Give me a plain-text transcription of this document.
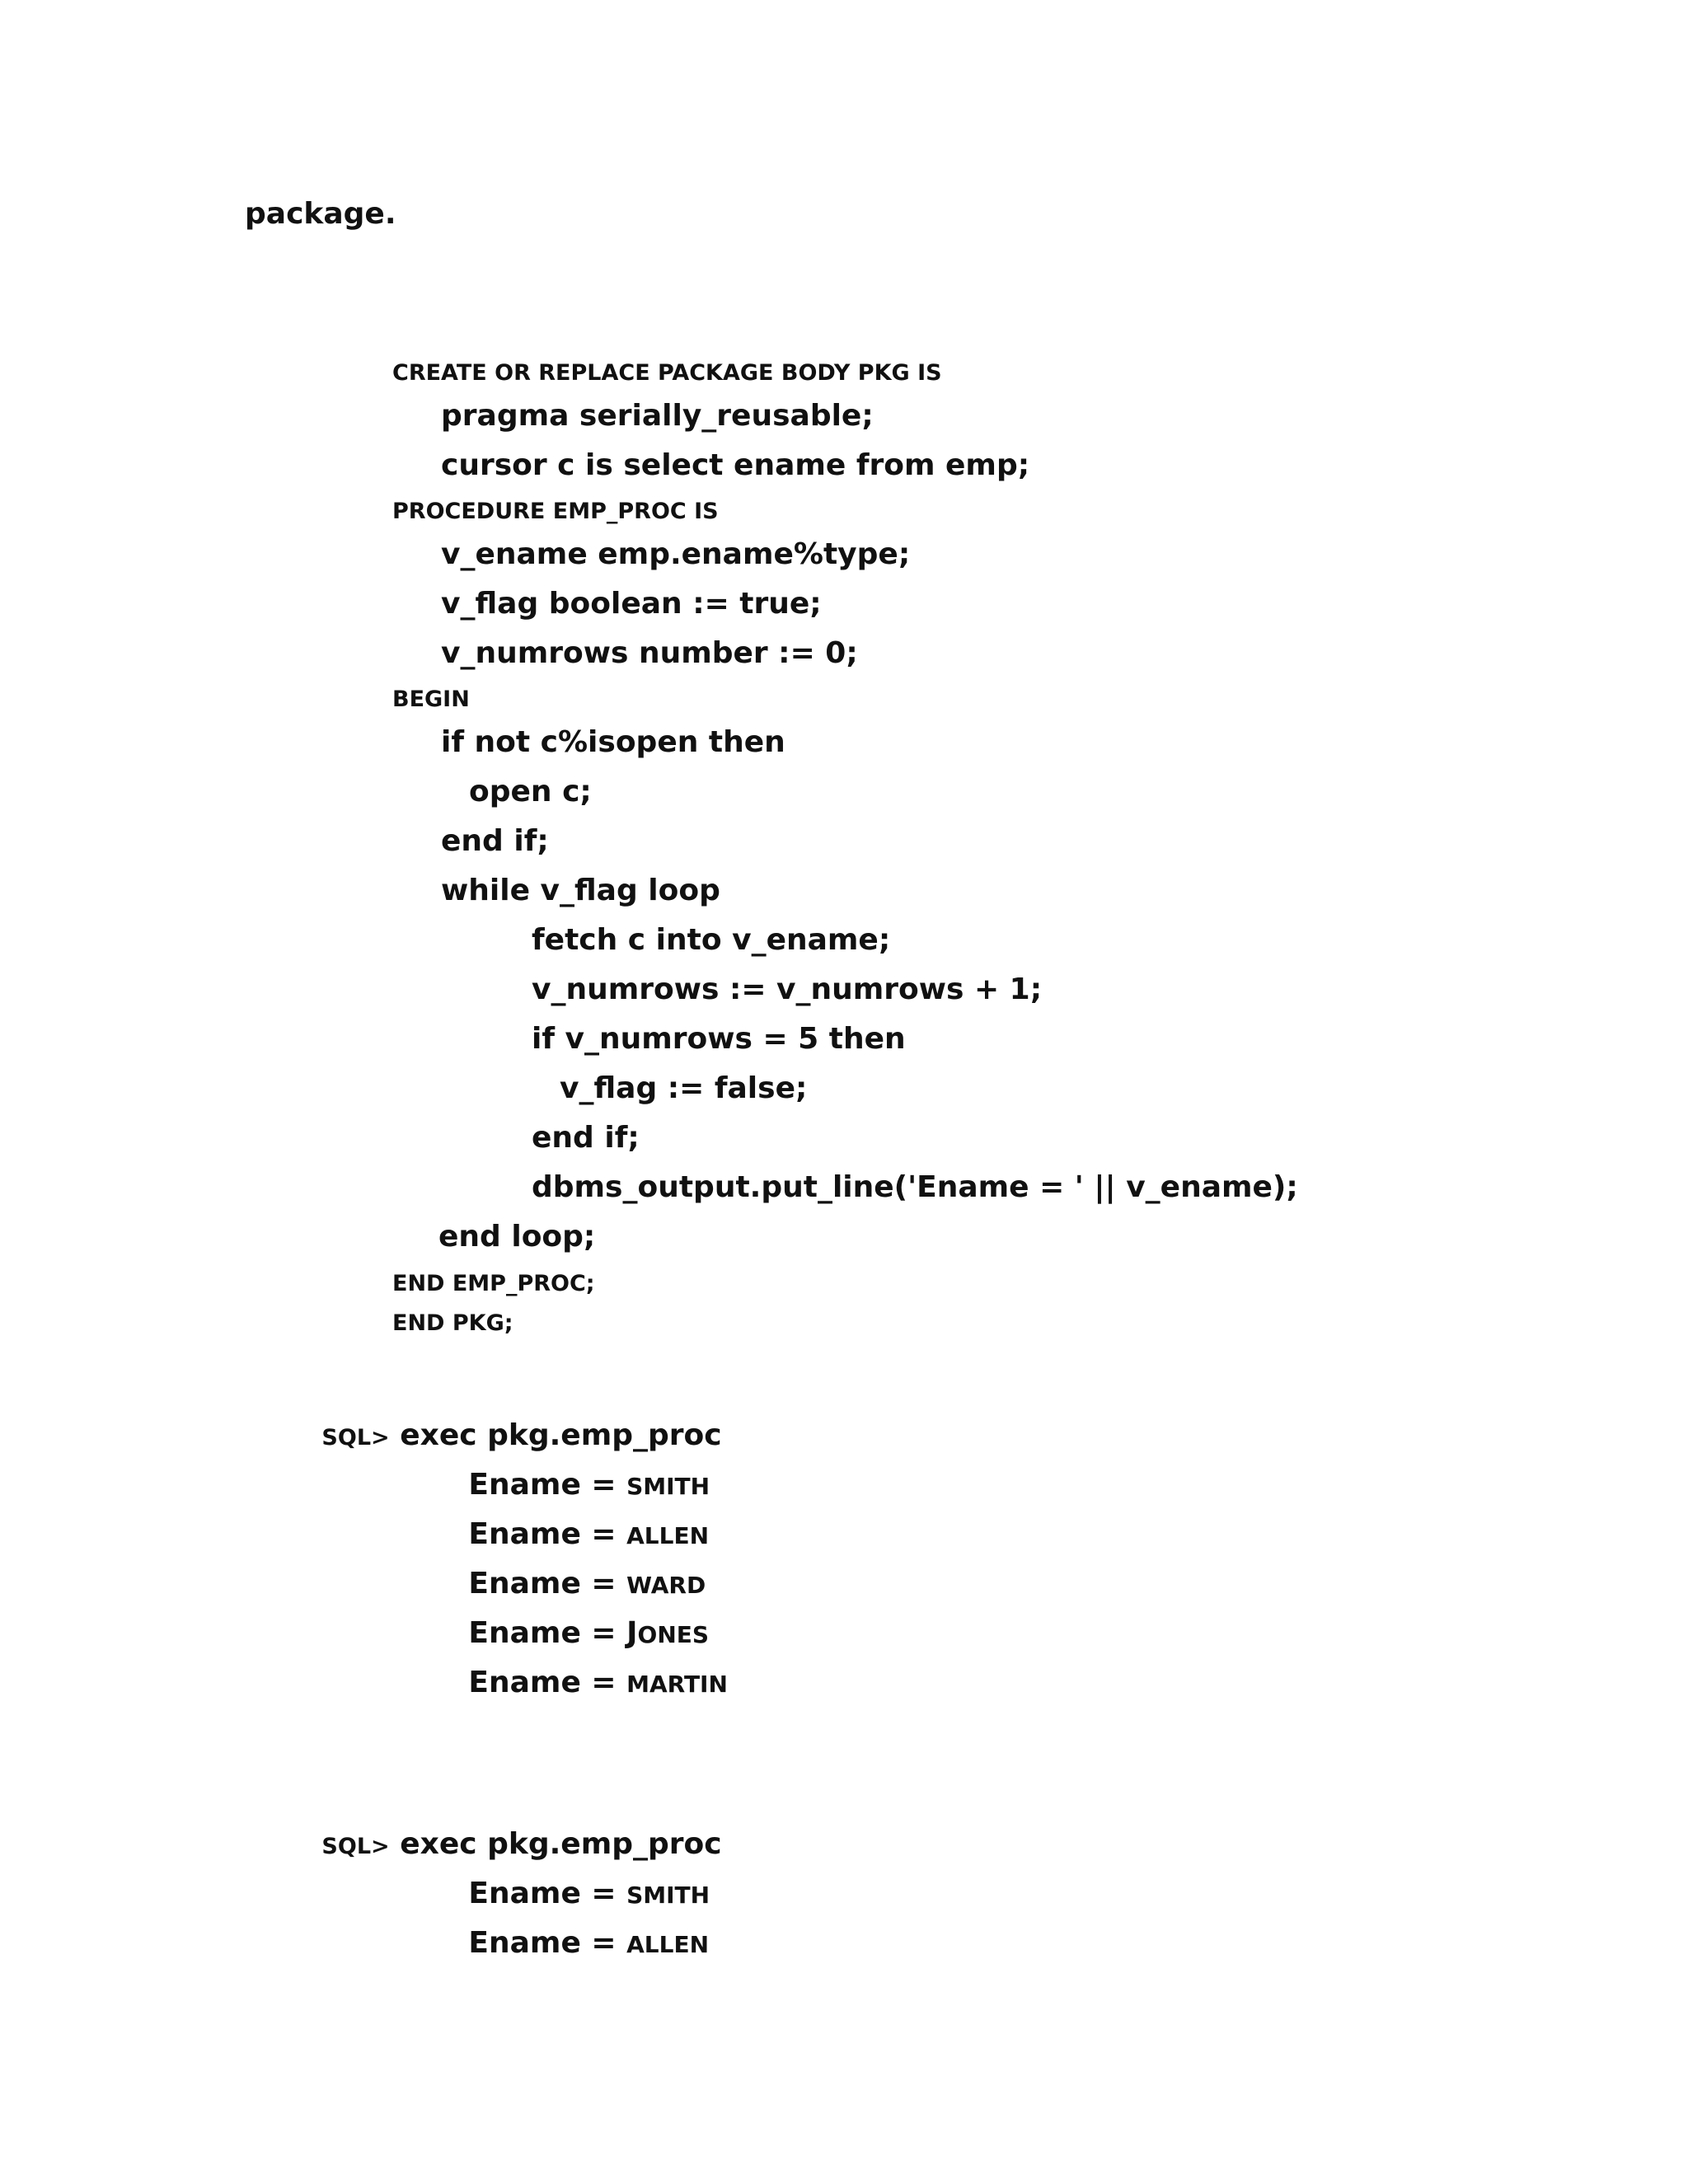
package.
CREATE OR REPLACE PACKAGE BODY PKG IS
pragma serially_reusable;
cursor c is select ename from emp;
PROCEDURE EMP_PROC IS
v_ename emp.ename%type;
v_flag boolean := true;
v_numrows number := 0;
BEGIN
if not c%isopen then
open c;
end if;
while v_flag loop
fetch c into v_ename;
v_numrows := v_numrows + 1;
if v_numrows = 5 then
v_flag := false;
end if;
dbms_output.put_line('Ename = ' || v_ename);
end loop;
END EMP_PROC;
END PKG;

SQL> exec pkg.emp_proc

Ename = SMITH

Ename = ALLEN

Ename = WARD

Ename = JONES

Ename = MARTIN

SQL> exec pkg.emp_proc

Ename = SMITH

Ename = ALLEN
